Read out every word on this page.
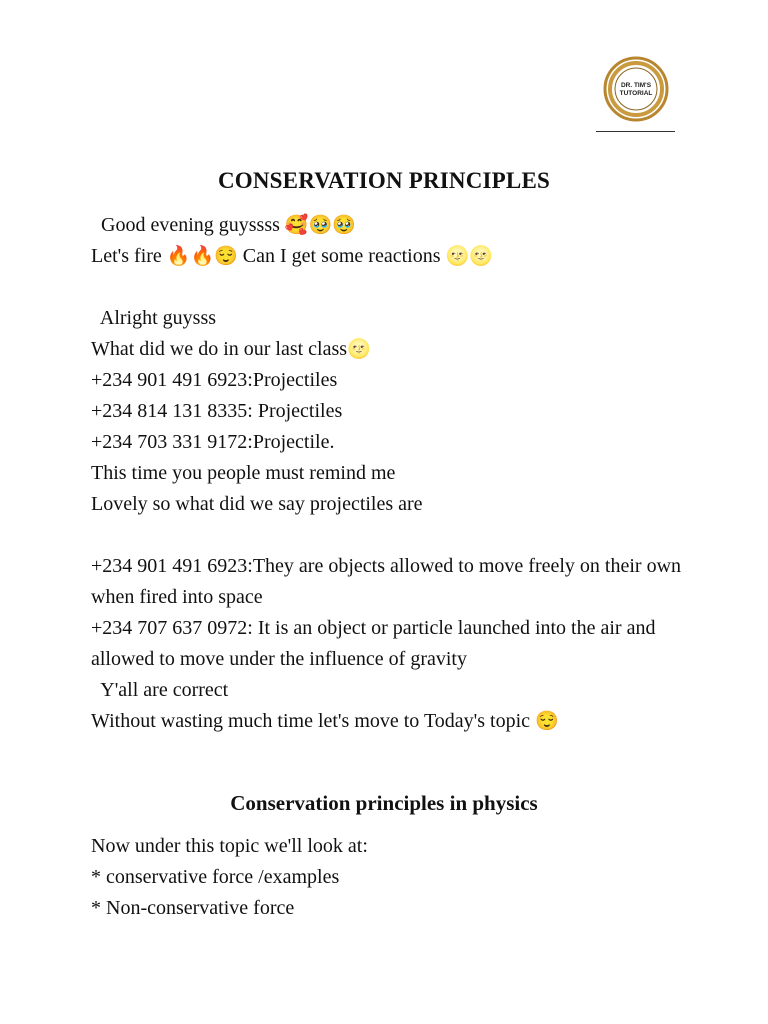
DR. TIM'S
TUTORIAL
CONSERVATION PRINCIPLES
Good evening guyssss 🥰🥹🥹
Let's fire 🔥🔥😌 Can I get some reactions 🌝🌝
Alright guysss
What did we do in our last class🌝
+234 901 491 6923:Projectiles
+234 814 131 8335: Projectiles
+234 703 331 9172:Projectile.
This time you people must remind me
Lovely so what did we say projectiles are
+234 901 491 6923:They are objects allowed to move freely on their own when fired into space
+234 707 637 0972: It is an object or particle launched into the air and allowed to move under the influence of gravity
Y'all are correct
Without wasting much time let's move to Today's topic 😌
Conservation principles in physics
Now under this topic we'll look at:
* conservative force /examples
* Non-conservative force
